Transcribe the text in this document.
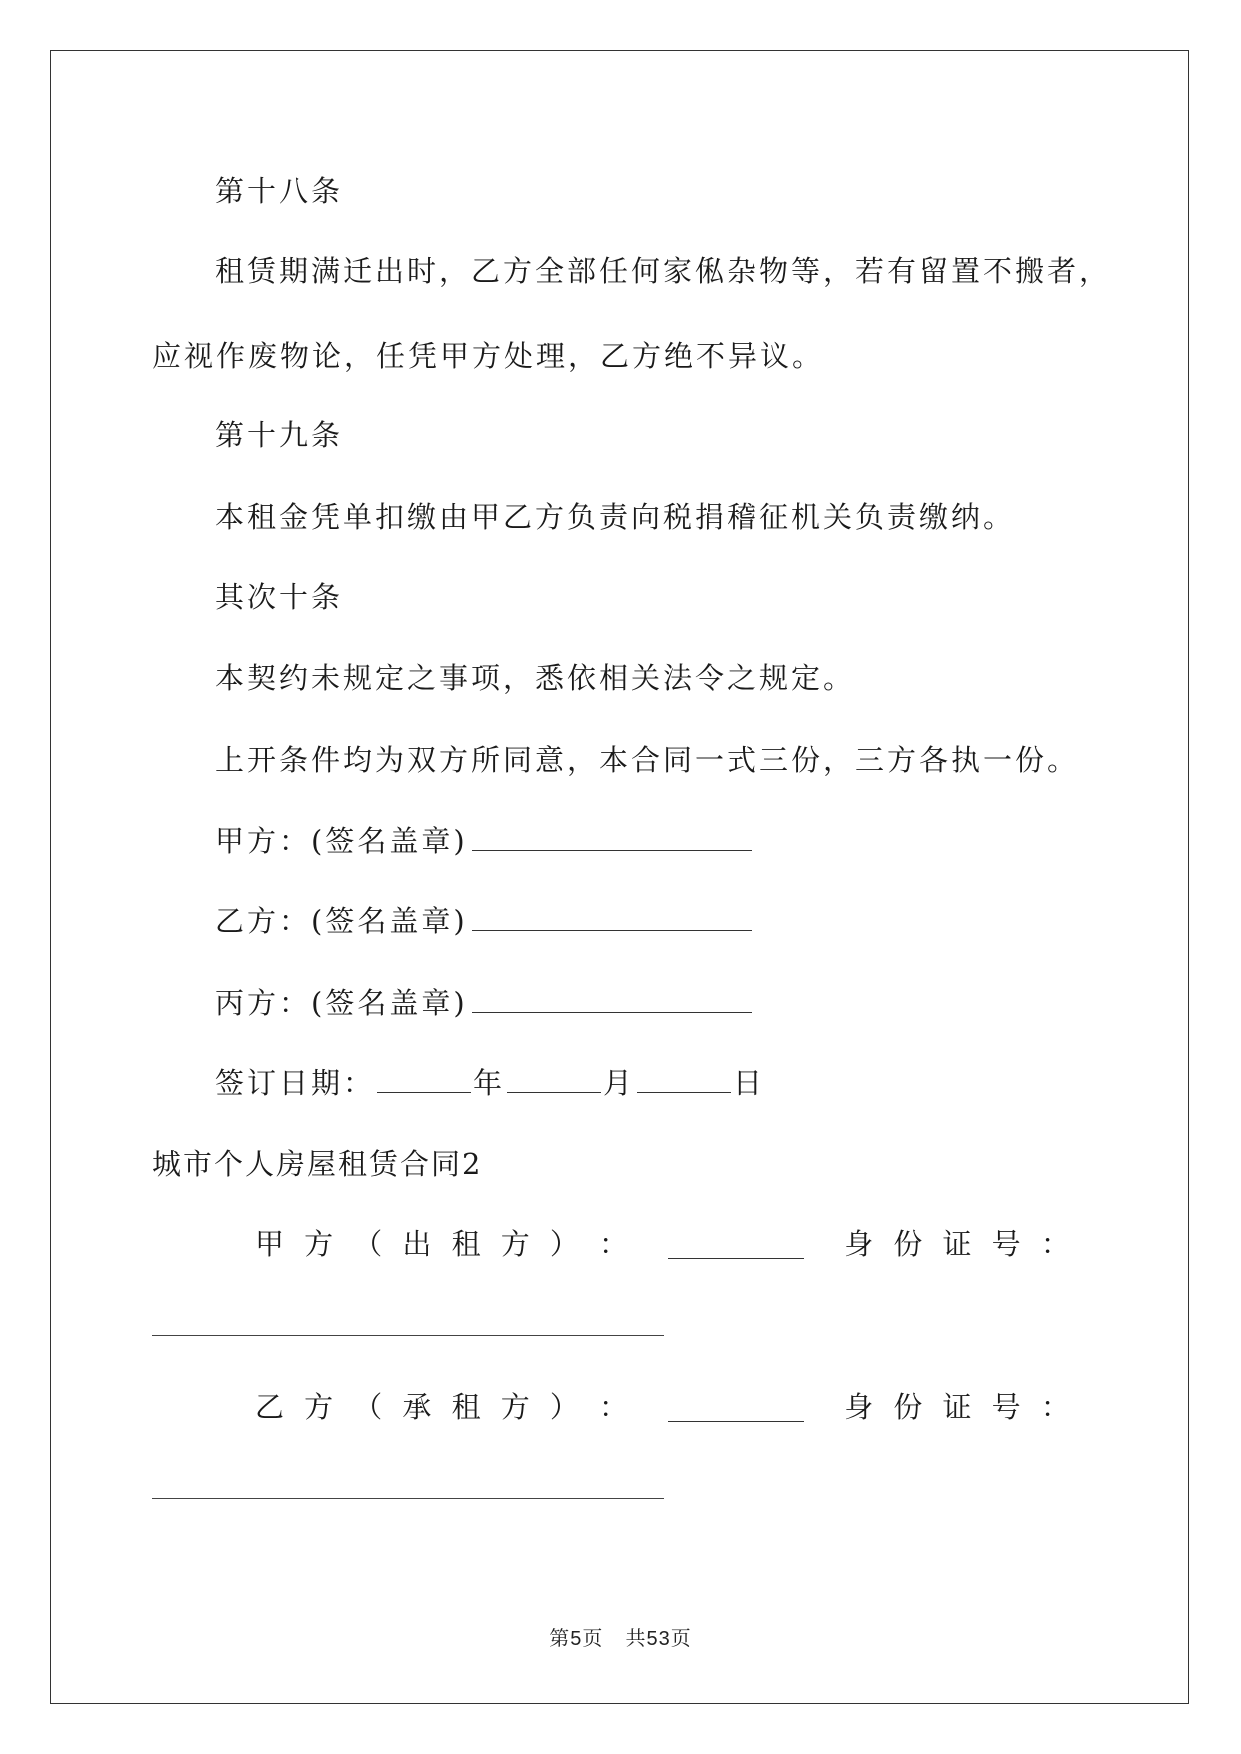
第十八条
租赁期满迁出时，乙方全部任何家俬杂物等，若有留置不搬者，
应视作废物论，任凭甲方处理，乙方绝不异议。
第十九条
本租金凭单扣缴由甲乙方负责向税捐稽征机关负责缴纳。
其次十条
本契约未规定之事项，悉依相关法令之规定。
上开条件均为双方所同意，本合同一式三份，三方各执一份。
甲方：(签名盖章)
乙方：(签名盖章)
丙方：(签名盖章)
签订日期：	年	月	日
城市个人房屋租赁合同2
甲 方 （ 出 租 方 ） ：	身 份 证 号 ：
乙 方 （ 承 租 方 ） ：	身 份 证 号 ：
第5页 共53页
